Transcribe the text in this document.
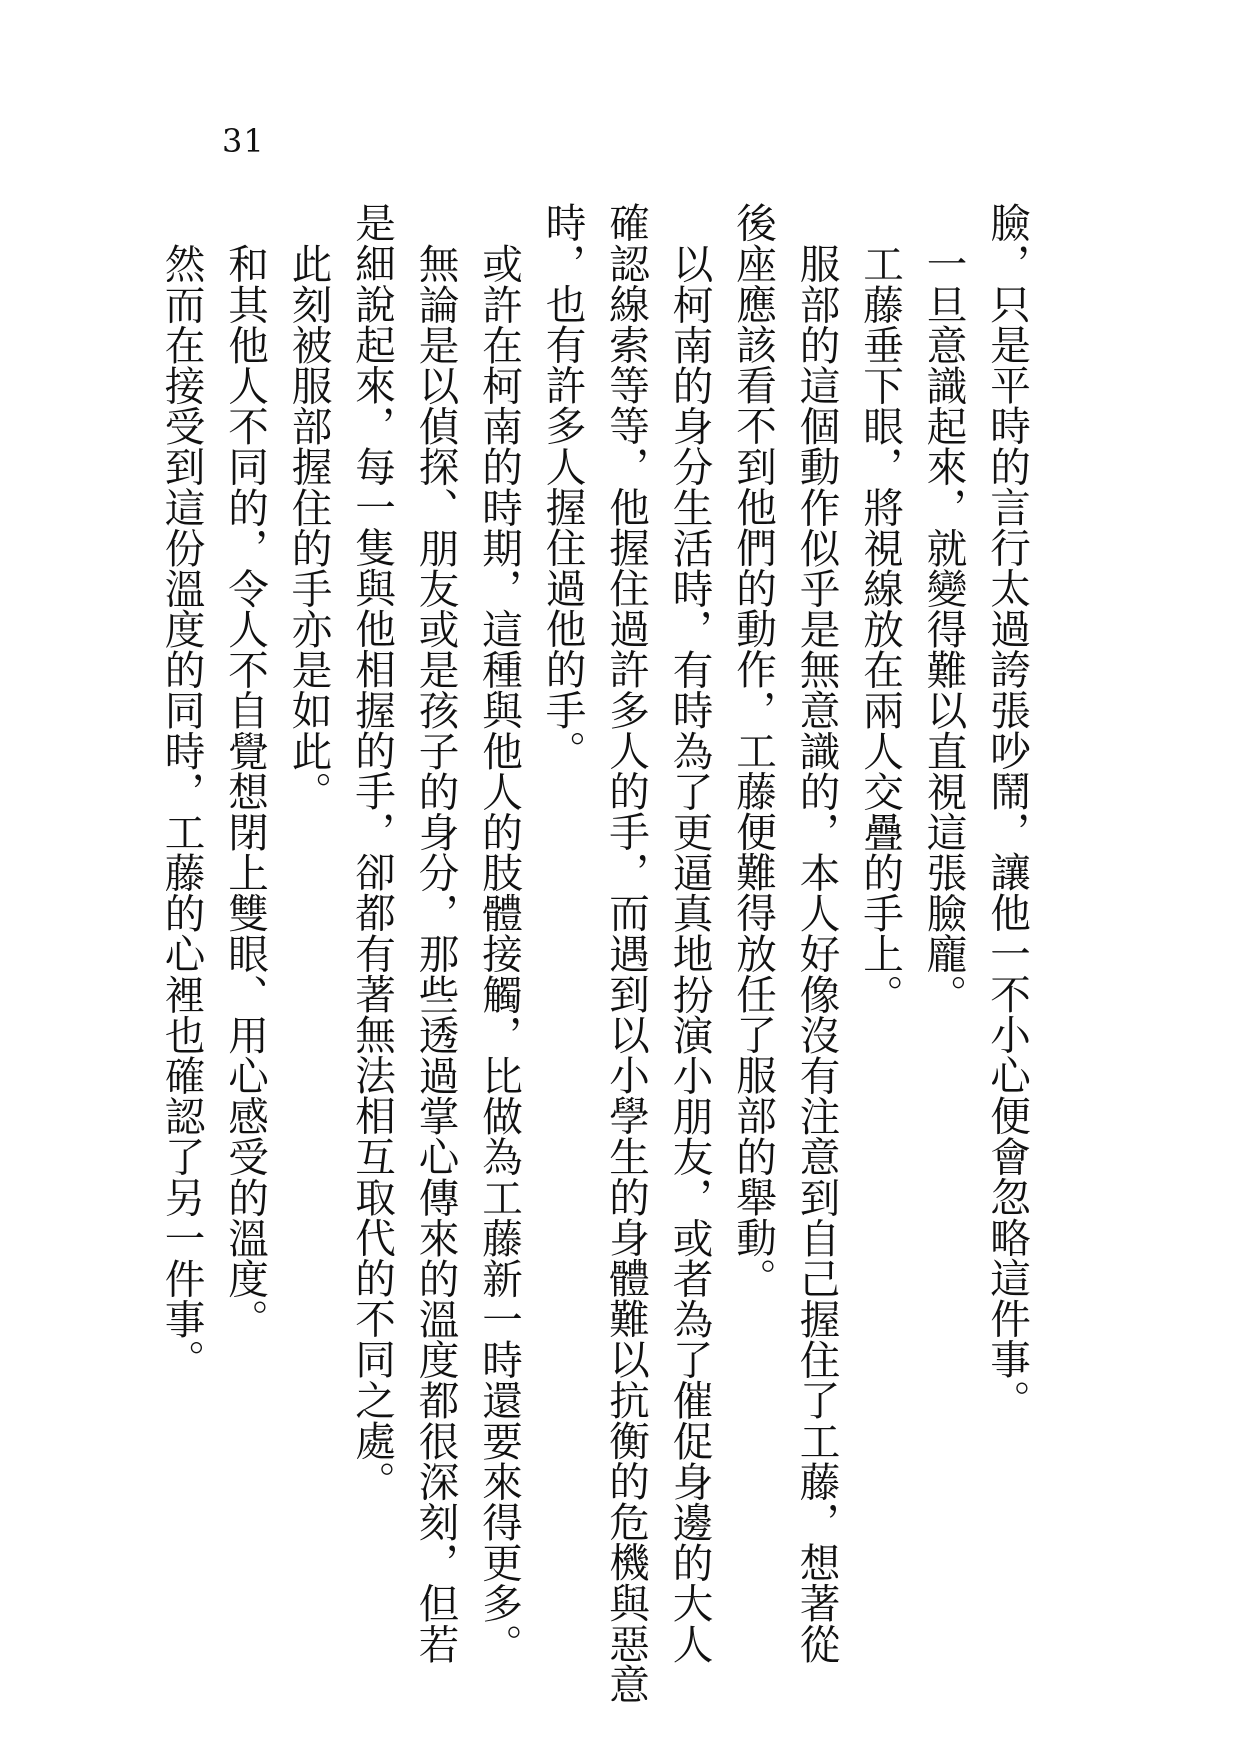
31
臉，只是平時的言行太過誇張吵鬧，讓他一不小心便會忽略這件事。
一旦意識起來，就變得難以直視這張臉龐。
工藤垂下眼，將視線放在兩人交疊的手上。
服部的這個動作似乎是無意識的，本人好像沒有注意到自己握住了工藤，想著從
後座應該看不到他們的動作，工藤便難得放任了服部的舉動。
以柯南的身分生活時，有時為了更逼真地扮演小朋友，或者為了催促身邊的大人
確認線索等等，他握住過許多人的手，而遇到以小學生的身體難以抗衡的危機與惡意
時，也有許多人握住過他的手。
或許在柯南的時期，這種與他人的肢體接觸，比做為工藤新一時還要來得更多。
無論是以偵探、朋友或是孩子的身分，那些透過掌心傳來的溫度都很深刻，但若
是細說起來，每一隻與他相握的手，卻都有著無法相互取代的不同之處。
此刻被服部握住的手亦是如此。
和其他人不同的，令人不自覺想閉上雙眼、用心感受的溫度。
然而在接受到這份溫度的同時，工藤的心裡也確認了另一件事。
